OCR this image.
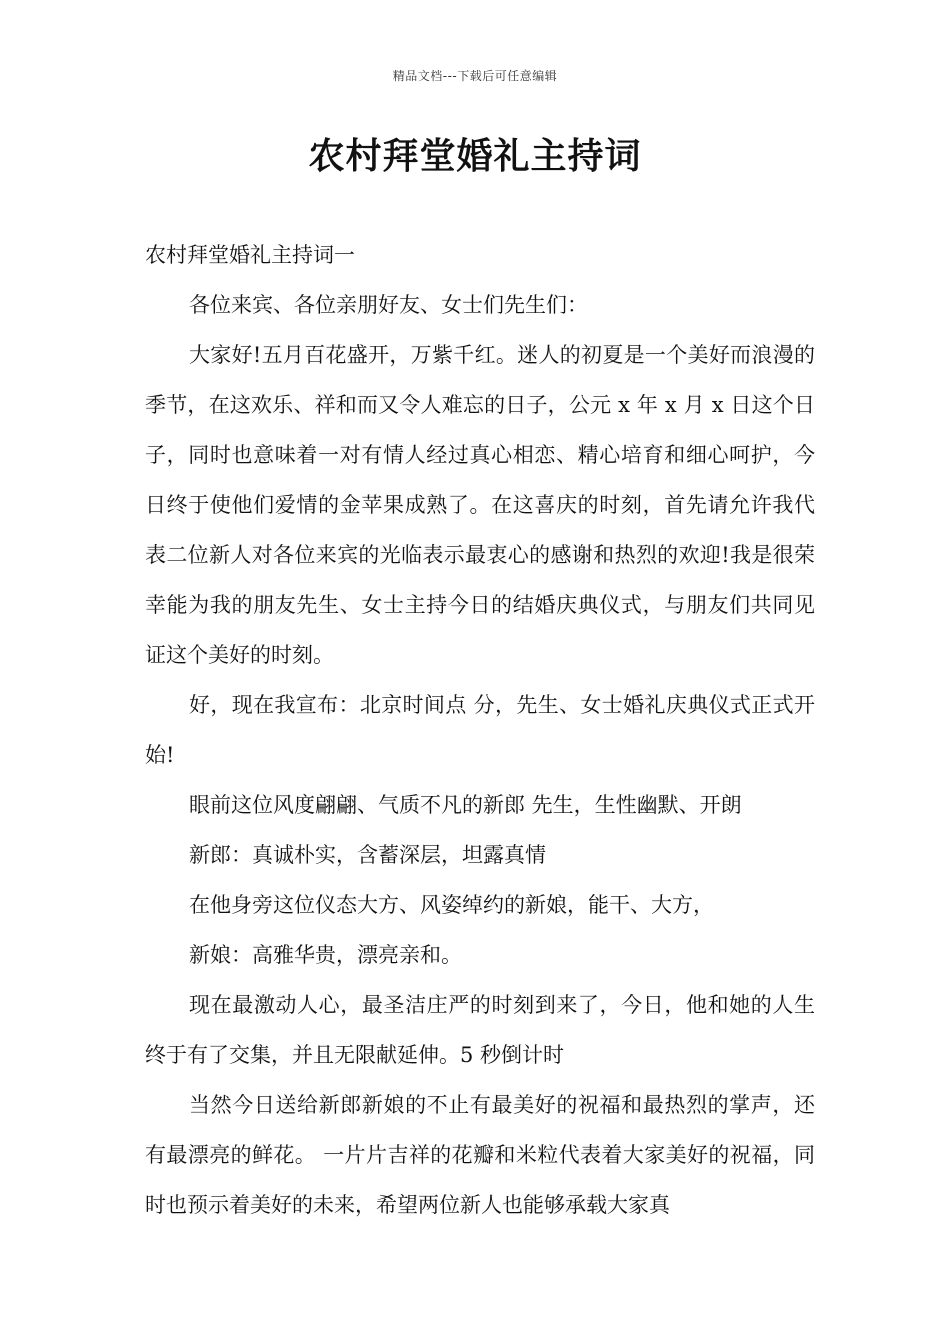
精品文档---下载后可任意编辑
农村拜堂婚礼主持词

农村拜堂婚礼主持词一

各位来宾、各位亲朋好友、女士们先生们：

大家好!五月百花盛开，万紫千红。迷人的初夏是一个美好而浪漫的季节，在这欢乐、祥和而又令人难忘的日子，公元 x 年 x 月 x 日这个日子，同时也意味着一对有情人经过真心相恋、精心培育和细心呵护，今日终于使他们爱情的金苹果成熟了。在这喜庆的时刻，首先请允许我代表二位新人对各位来宾的光临表示最衷心的感谢和热烈的欢迎!我是很荣幸能为我的朋友先生、女士主持今日的结婚庆典仪式，与朋友们共同见证这个美好的时刻。

好，现在我宣布：北京时间点 分，先生、女士婚礼庆典仪式正式开始!

眼前这位风度翩翩、气质不凡的新郎 先生，生性幽默、开朗

新郎：真诚朴实，含蓄深层，坦露真情

在他身旁这位仪态大方、风姿绰约的新娘，能干、大方，

新娘：高雅华贵，漂亮亲和。

现在最激动人心，最圣洁庄严的时刻到来了，今日，他和她的人生终于有了交集，并且无限献延伸。5 秒倒计时

当然今日送给新郎新娘的不止有最美好的祝福和最热烈的掌声，还有最漂亮的鲜花。 一片片吉祥的花瓣和米粒代表着大家美好的祝福，同时也预示着美好的未来，希望两位新人也能够承载大家真
